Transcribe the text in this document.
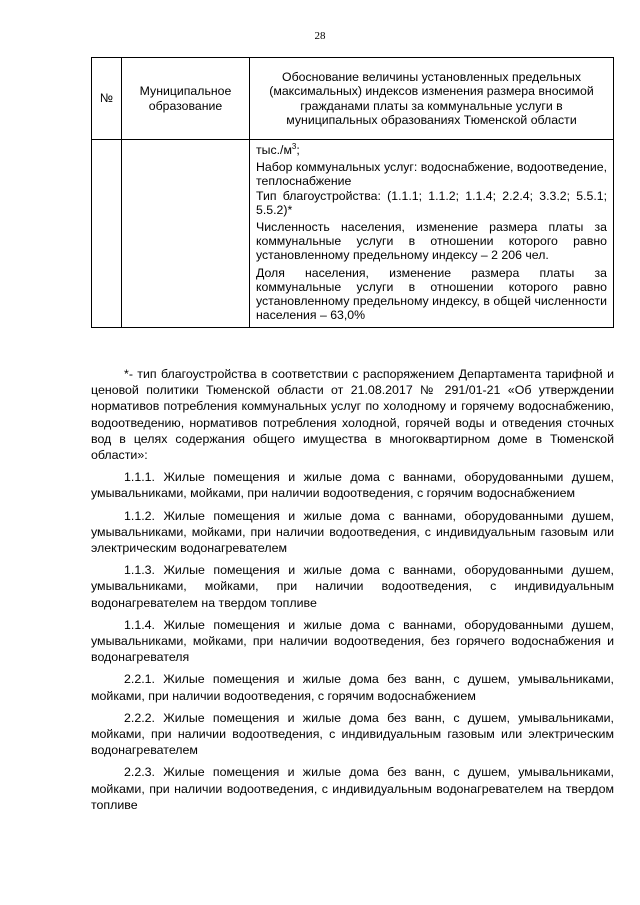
28
№	Муниципальное образование	Обоснование величины установленных предельных (максимальных) индексов изменения размера вносимой гражданами платы за коммунальные услуги в муниципальных образованиях Тюменской области

		$тыс./м^3$;

Набор коммунальных услуг: водоснабжение, водоотведение, теплоснабжение

Тип благоустройства: (1.1.1; 1.1.2; 1.1.4; 2.2.4; 3.3.2; 5.5.1; 5.5.2)*

Численность населения, изменение размера платы за коммунальные услуги в отношении которого равно установленному предельному индексу – 2 206 чел.

Доля населения, изменение размера платы за коммунальные услуги в отношении которого равно установленному предельному индексу, в общей численности населения – 63,0%

*- тип благоустройства в соответствии с распоряжением Департамента тарифной и ценовой политики Тюменской области от 21.08.2017 № 291/01-21 «Об утверждении нормативов потребления коммунальных услуг по холодному и горячему водоснабжению, водоотведению, нормативов потребления холодной, горячей воды и отведения сточных вод в целях содержания общего имущества в многоквартирном доме в Тюменской области»:

1.1.1. Жилые помещения и жилые дома с ваннами, оборудованными душем, умывальниками, мойками, при наличии водоотведения, с горячим водоснабжением

1.1.2. Жилые помещения и жилые дома с ваннами, оборудованными душем, умывальниками, мойками, при наличии водоотведения, с индивидуальным газовым или электрическим водонагревателем

1.1.3. Жилые помещения и жилые дома с ваннами, оборудованными душем, умывальниками, мойками, при наличии водоотведения, с индивидуальным водонагревателем на твердом топливе

1.1.4. Жилые помещения и жилые дома с ваннами, оборудованными душем, умывальниками, мойками, при наличии водоотведения, без горячего водоснабжения и водонагревателя

2.2.1. Жилые помещения и жилые дома без ванн, с душем, умывальниками, мойками, при наличии водоотведения, с горячим водоснабжением

2.2.2. Жилые помещения и жилые дома без ванн, с душем, умывальниками, мойками, при наличии водоотведения, с индивидуальным газовым или электрическим водонагревателем

2.2.3. Жилые помещения и жилые дома без ванн, с душем, умывальниками, мойками, при наличии водоотведения, с индивидуальным водонагревателем на твердом топливе
